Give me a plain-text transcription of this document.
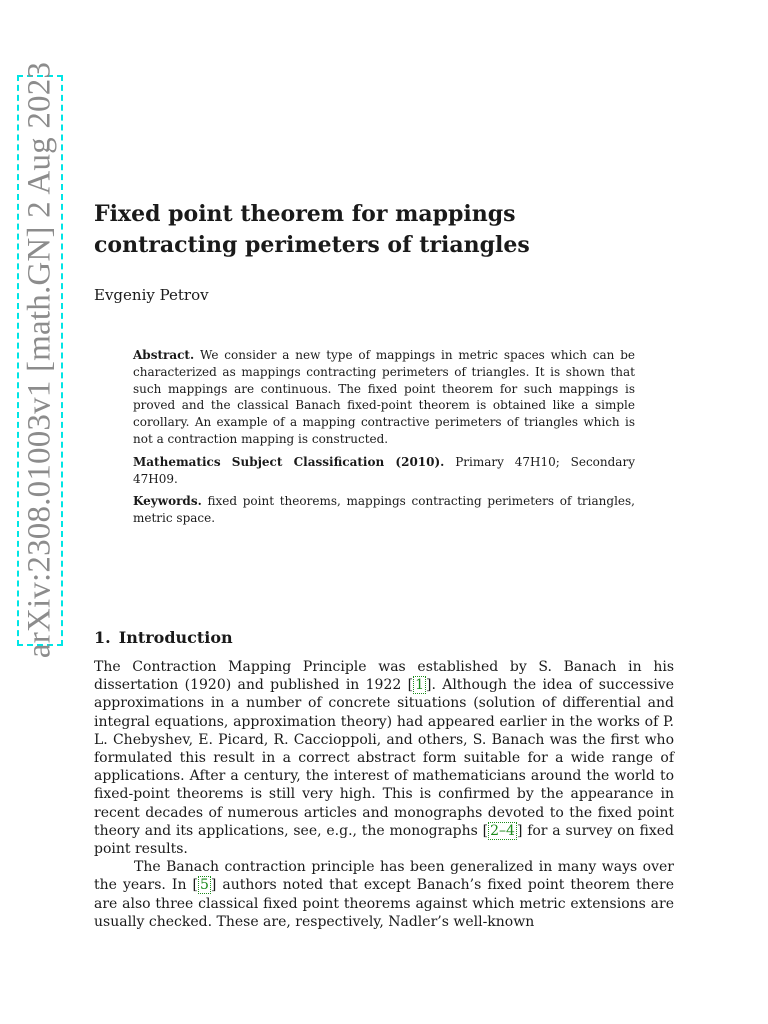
arXiv:2308.01003v1 [math.GN] 2 Aug 2023 Fixed point theorem for mappings contracting perimeters of triangles
Evgeniy Petrov

Abstract. We consider a new type of mappings in metric spaces which can be characterized as mappings contracting perimeters of triangles. It is shown that such mappings are continuous. The fixed point theorem for such mappings is proved and the classical Banach fixed-point theorem is obtained like a simple corollary. An example of a mapping contractive perimeters of triangles which is not a contraction mapping is constructed.

Mathematics Subject Classification (2010). Primary 47H10; Secondary 47H09.

Keywords. fixed point theorems, mappings contracting perimeters of triangles, metric space.

1. Introduction

The Contraction Mapping Principle was established by S. Banach in his dissertation (1920) and published in 1922 [ 1 ]. Although the idea of successive approximations in a number of concrete situations (solution of differential and integral equations, approximation theory) had appeared earlier in the works of P. L. Chebyshev, E. Picard, R. Caccioppoli, and others, S. Banach was the first who formulated this result in a correct abstract form suitable for a wide range of applications. After a century, the interest of mathematicians around the world to fixed-point theorems is still very high. This is confirmed by the appearance in recent decades of numerous articles and monographs devoted to the fixed point theory and its applications, see, e.g., the monographs [ 2–4 ] for a survey on fixed point results.

The Banach contraction principle has been generalized in many ways over the years. In [ 5 ] authors noted that except Banach’s fixed point theorem there are also three classical fixed point theorems against which metric extensions are usually checked. These are, respectively, Nadler’s well-known
